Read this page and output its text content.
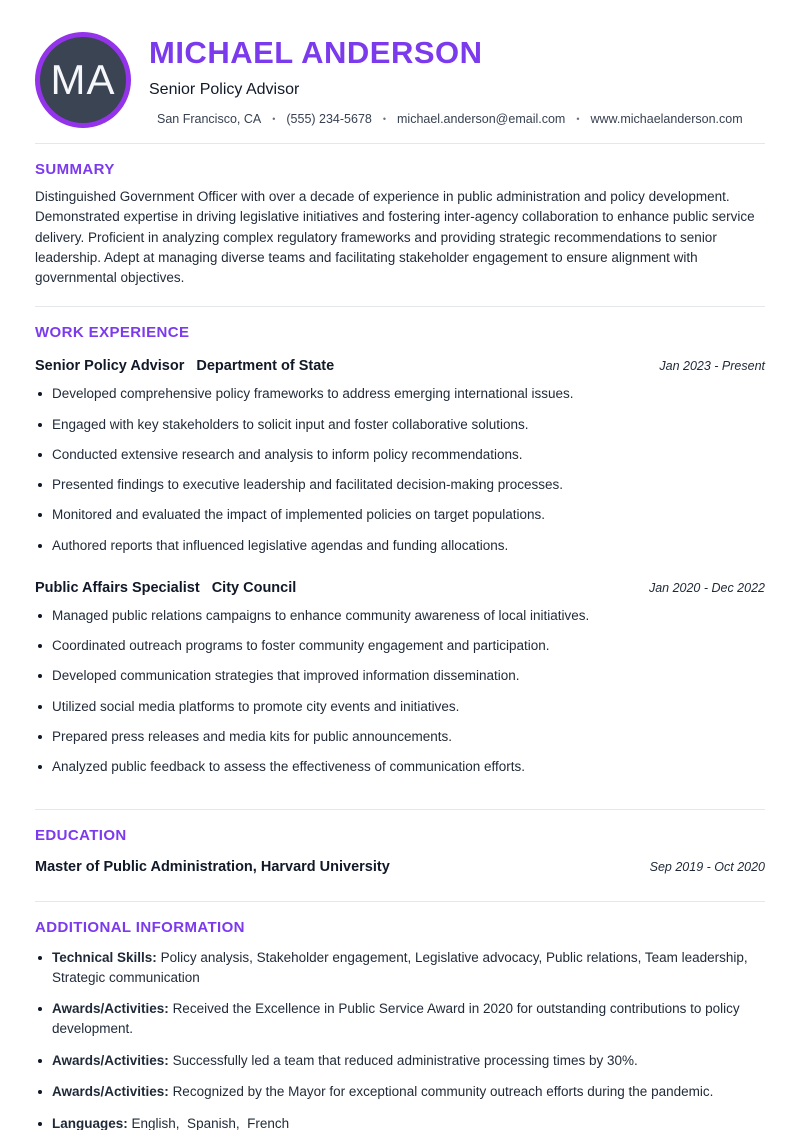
MA
MICHAEL ANDERSON
Senior Policy Advisor
San Francisco, CA • (555) 234-5678 • michael.anderson@email.com • www.michaelanderson.com
SUMMARY

Distinguished Government Officer with over a decade of experience in public administration and policy development. Demonstrated expertise in driving legislative initiatives and fostering inter-agency collaboration to enhance public service delivery. Proficient in analyzing complex regulatory frameworks and providing strategic recommendations to senior leadership. Adept at managing diverse teams and facilitating stakeholder engagement to ensure alignment with governmental objectives.

WORK EXPERIENCE
Senior Policy Advisor Department of State	Jan 2023 - Present
Developed comprehensive policy frameworks to address emerging international issues.
Engaged with key stakeholders to solicit input and foster collaborative solutions.
Conducted extensive research and analysis to inform policy recommendations.
Presented findings to executive leadership and facilitated decision-making processes.
Monitored and evaluated the impact of implemented policies on target populations.
Authored reports that influenced legislative agendas and funding allocations.
Public Affairs Specialist City Council	Jan 2020 - Dec 2022
Managed public relations campaigns to enhance community awareness of local initiatives.
Coordinated outreach programs to foster community engagement and participation.
Developed communication strategies that improved information dissemination.
Utilized social media platforms to promote city events and initiatives.
Prepared press releases and media kits for public announcements.
Analyzed public feedback to assess the effectiveness of communication efforts.
EDUCATION
Master of Public Administration, Harvard University	Sep 2019 - Oct 2020
ADDITIONAL INFORMATION
Technical Skills: Policy analysis, Stakeholder engagement, Legislative advocacy, Public relations, Team leadership, Strategic communication
Awards/Activities: Received the Excellence in Public Service Award in 2020 for outstanding contributions to policy development.
Awards/Activities: Successfully led a team that reduced administrative processing times by 30%.
Awards/Activities: Recognized by the Mayor for exceptional community outreach efforts during the pandemic.
Languages: English,  Spanish,  French
